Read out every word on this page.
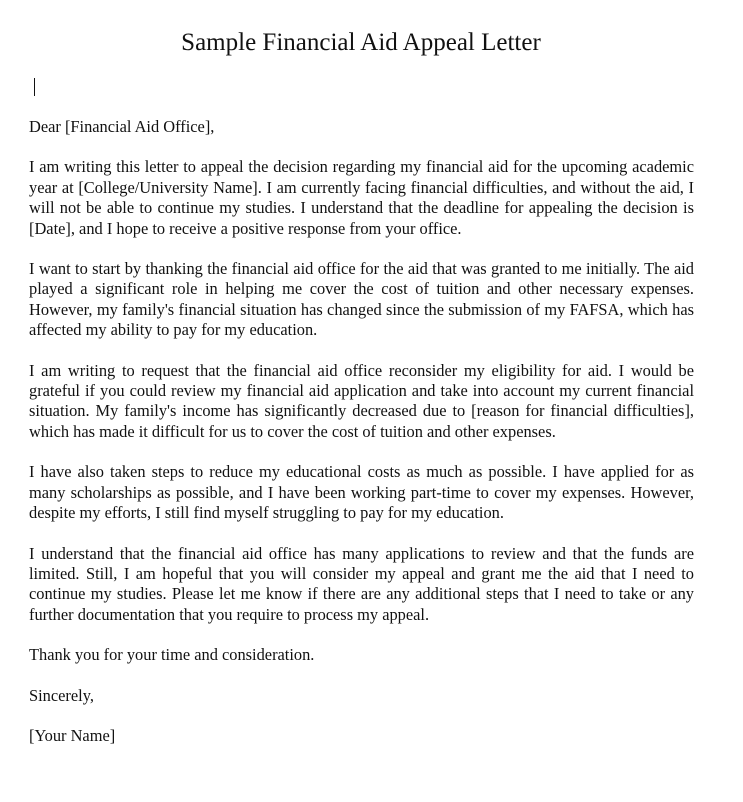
Sample Financial Aid Appeal Letter

Dear [Financial Aid Office],

I am writing this letter to appeal the decision regarding my financial aid for the upcoming academic year at [College/University Name]. I am currently facing financial difficulties, and without the aid, I will not be able to continue my studies. I understand that the deadline for appealing the decision is [Date], and I hope to receive a positive response from your office.

I want to start by thanking the financial aid office for the aid that was granted to me initially. The aid played a significant role in helping me cover the cost of tuition and other necessary expenses. However, my family's financial situation has changed since the submission of my FAFSA, which has affected my ability to pay for my education.

I am writing to request that the financial aid office reconsider my eligibility for aid. I would be grateful if you could review my financial aid application and take into account my current financial situation. My family's income has significantly decreased due to [reason for financial difficulties], which has made it difficult for us to cover the cost of tuition and other expenses.

I have also taken steps to reduce my educational costs as much as possible. I have applied for as many scholarships as possible, and I have been working part-time to cover my expenses. However, despite my efforts, I still find myself struggling to pay for my education.

I understand that the financial aid office has many applications to review and that the funds are limited. Still, I am hopeful that you will consider my appeal and grant me the aid that I need to continue my studies. Please let me know if there are any additional steps that I need to take or any further documentation that you require to process my appeal.

Thank you for your time and consideration.

Sincerely,

[Your Name]
